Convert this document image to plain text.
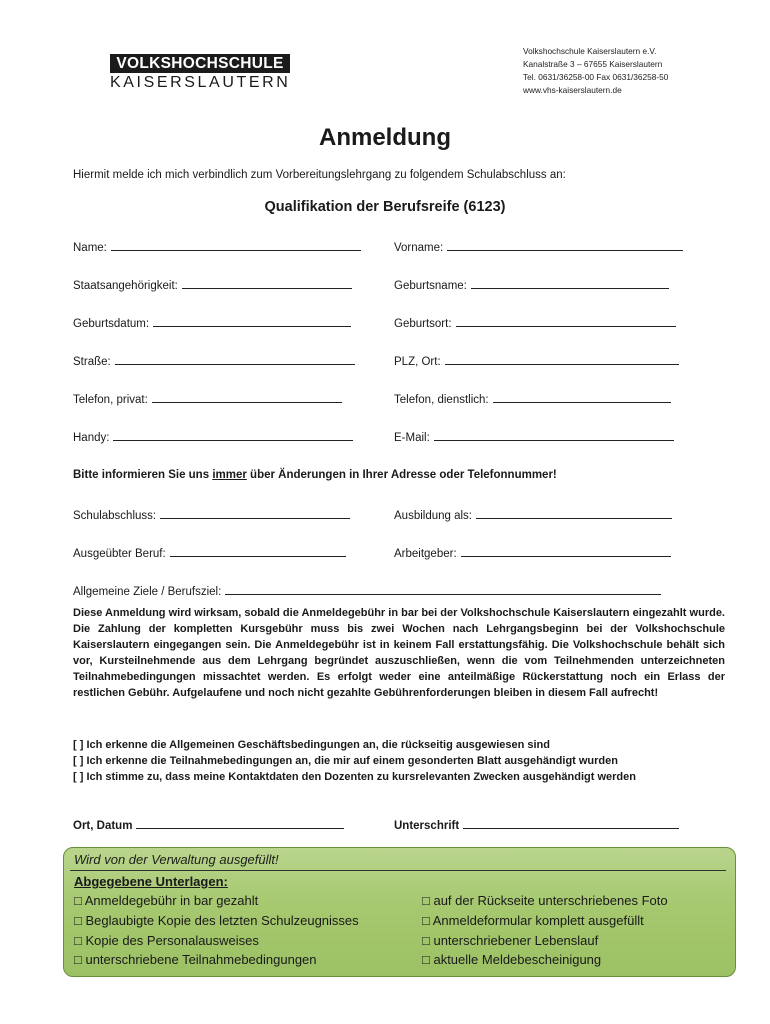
VOLKSHOCHSCHULE
KAISERSLAUTERN
Volkshochschule Kaiserslautern e.V.
Kanalstraße 3 – 67655 Kaiserslautern
Tel. 0631/36258-00 Fax 0631/36258-50
www.vhs-kaiserslautern.de
Anmeldung
Hiermit melde ich mich verbindlich zum Vorbereitungslehrgang zu folgendem Schulabschluss an:
Qualifikation der Berufsreife (6123)
Name:	Vorname:
Staatsangehörigkeit:	Geburtsname:
Geburtsdatum:	Geburtsort:
Straße:	PLZ, Ort:
Telefon, privat:	Telefon, dienstlich:
Handy:	E-Mail:
Bitte informieren Sie uns immer über Änderungen in Ihrer Adresse oder Telefonnummer!
Schulabschluss:	Ausbildung als:
Ausgeübter Beruf:	Arbeitgeber:
Allgemeine Ziele / Berufsziel:
Diese Anmeldung wird wirksam, sobald die Anmeldegebühr in bar bei der Volkshochschule Kaiserslautern eingezahlt wurde. Die Zahlung der kompletten Kursgebühr muss bis zwei Wochen nach Lehrgangsbeginn bei der Volkshochschule Kaiserslautern eingegangen sein. Die Anmeldegebühr ist in keinem Fall erstattungsfähig. Die Volkshochschule behält sich vor, Kursteilnehmende aus dem Lehrgang begründet auszuschließen, wenn die vom Teilnehmenden unterzeichneten Teilnahmebedingungen missachtet werden. Es erfolgt weder eine anteilmäßige Rückerstattung noch ein Erlass der restlichen Gebühr. Aufgelaufene und noch nicht gezahlte Gebührenforderungen bleiben in diesem Fall aufrecht!
[ ] Ich erkenne die Allgemeinen Geschäftsbedingungen an, die rückseitig ausgewiesen sind
[ ] Ich erkenne die Teilnahmebedingungen an, die mir auf einem gesonderten Blatt ausgehändigt wurden
[ ] Ich stimme zu, dass meine Kontaktdaten den Dozenten zu kursrelevanten Zwecken ausgehändigt werden
Ort, Datum	Unterschrift
Wird von der Verwaltung ausgefüllt!
Abgegebene Unterlagen:
□ Anmeldegebühr in bar gezahlt
□ Beglaubigte Kopie des letzten Schulzeugnisses
□ Kopie des Personalausweises
□ unterschriebene Teilnahmebedingungen
□ auf der Rückseite unterschriebenes Foto
□ Anmeldeformular komplett ausgefüllt
□ unterschriebener Lebenslauf
□ aktuelle Meldebescheinigung
